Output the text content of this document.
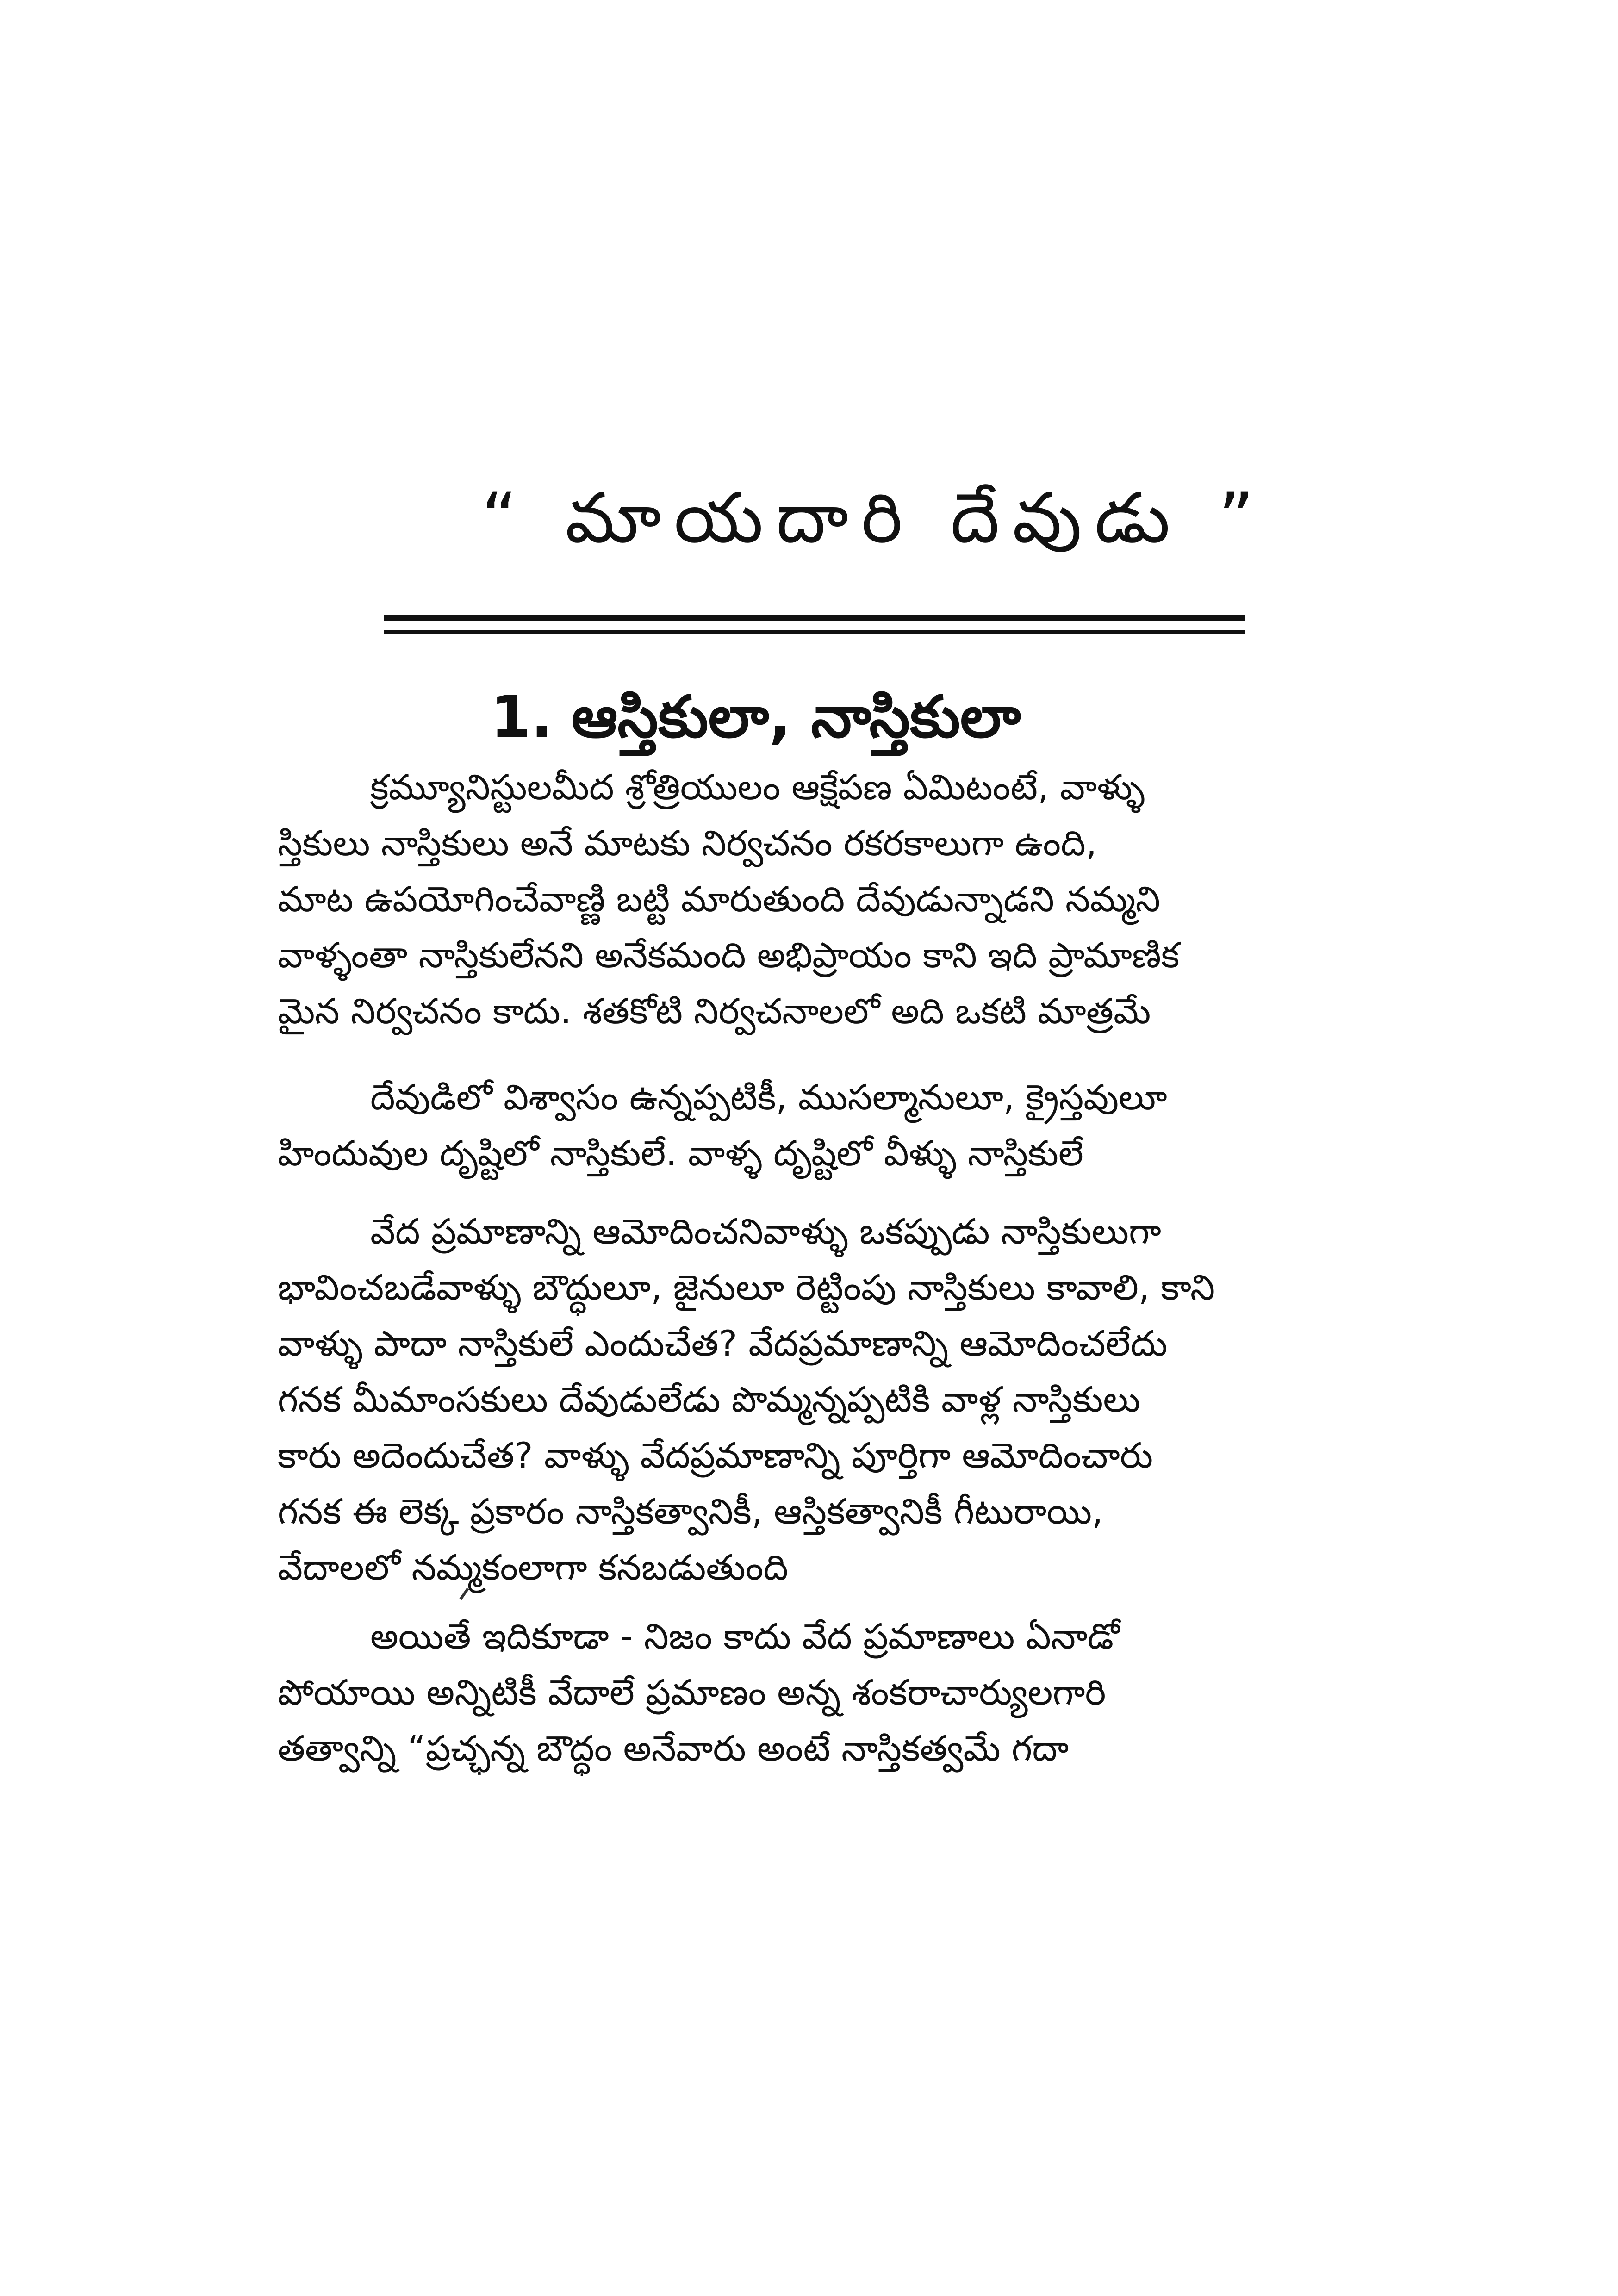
“ మాయదారి దేవుడు ”
1. ఆస్తికులా, నాస్తికులా

క్రమ్యూనిస్టులమీద శ్రోత్రియులం ఆక్షేపణ ఏమిటంటే, వాళ్ళు
స్తికులు నాస్తికులు అనే మాటకు నిర్వచనం రకరకాలుగా ఉంది,
మాట ఉపయోగించేవాణ్ణి బట్టి మారుతుంది దేవుడున్నాడని నమ్మని
వాళ్ళంతా నాస్తికులేనని అనేకమంది అభిప్రాయం కాని ఇది ప్రామాణిక
మైన నిర్వచనం కాదు. శతకోటి నిర్వచనాలలో అది ఒకటి మాత్రమే

దేవుడిలో విశ్వాసం ఉన్నప్పటికీ, ముసల్మానులూ, క్రైస్తవులూ
హిందువుల దృష్టిలో నాస్తికులే. వాళ్ళ దృష్టిలో వీళ్ళు నాస్తికులే

వేద ప్రమాణాన్ని ఆమోదించనివాళ్ళు ఒకప్పుడు నాస్తికులుగా
భావించబడేవాళ్ళు బౌద్ధులూ, జైనులూ రెట్టింపు నాస్తికులు కావాలి, కాని
వాళ్ళు పాదా నాస్తికులే ఎందుచేత? వేదప్రమాణాన్ని ఆమోదించలేదు
గనక మీమాంసకులు దేవుడులేడు పొమ్మన్నప్పటికి వాళ్ల నాస్తికులు
కారు అదెందుచేత? వాళ్ళు వేదప్రమాణాన్ని పూర్తిగా ఆమోదించారు
గనక ఈ లెక్క ప్రకారం నాస్తికత్వానికీ, ఆస్తికత్వానికీ గీటురాయి,
వేదాలలో నమ్మకంలాగా కనబడుతుంది

అయితే ఇదికూడా - నిజం కాదు వేద ప్రమాణాలు ఏనాడో
పోయాయి అన్నిటికీ వేదాలే ప్రమాణం అన్న శంకరాచార్యులగారి
తత్వాన్ని “ప్రచ్ఛన్న బౌద్ధం అనేవారు అంటే నాస్తికత్వమే గదా
